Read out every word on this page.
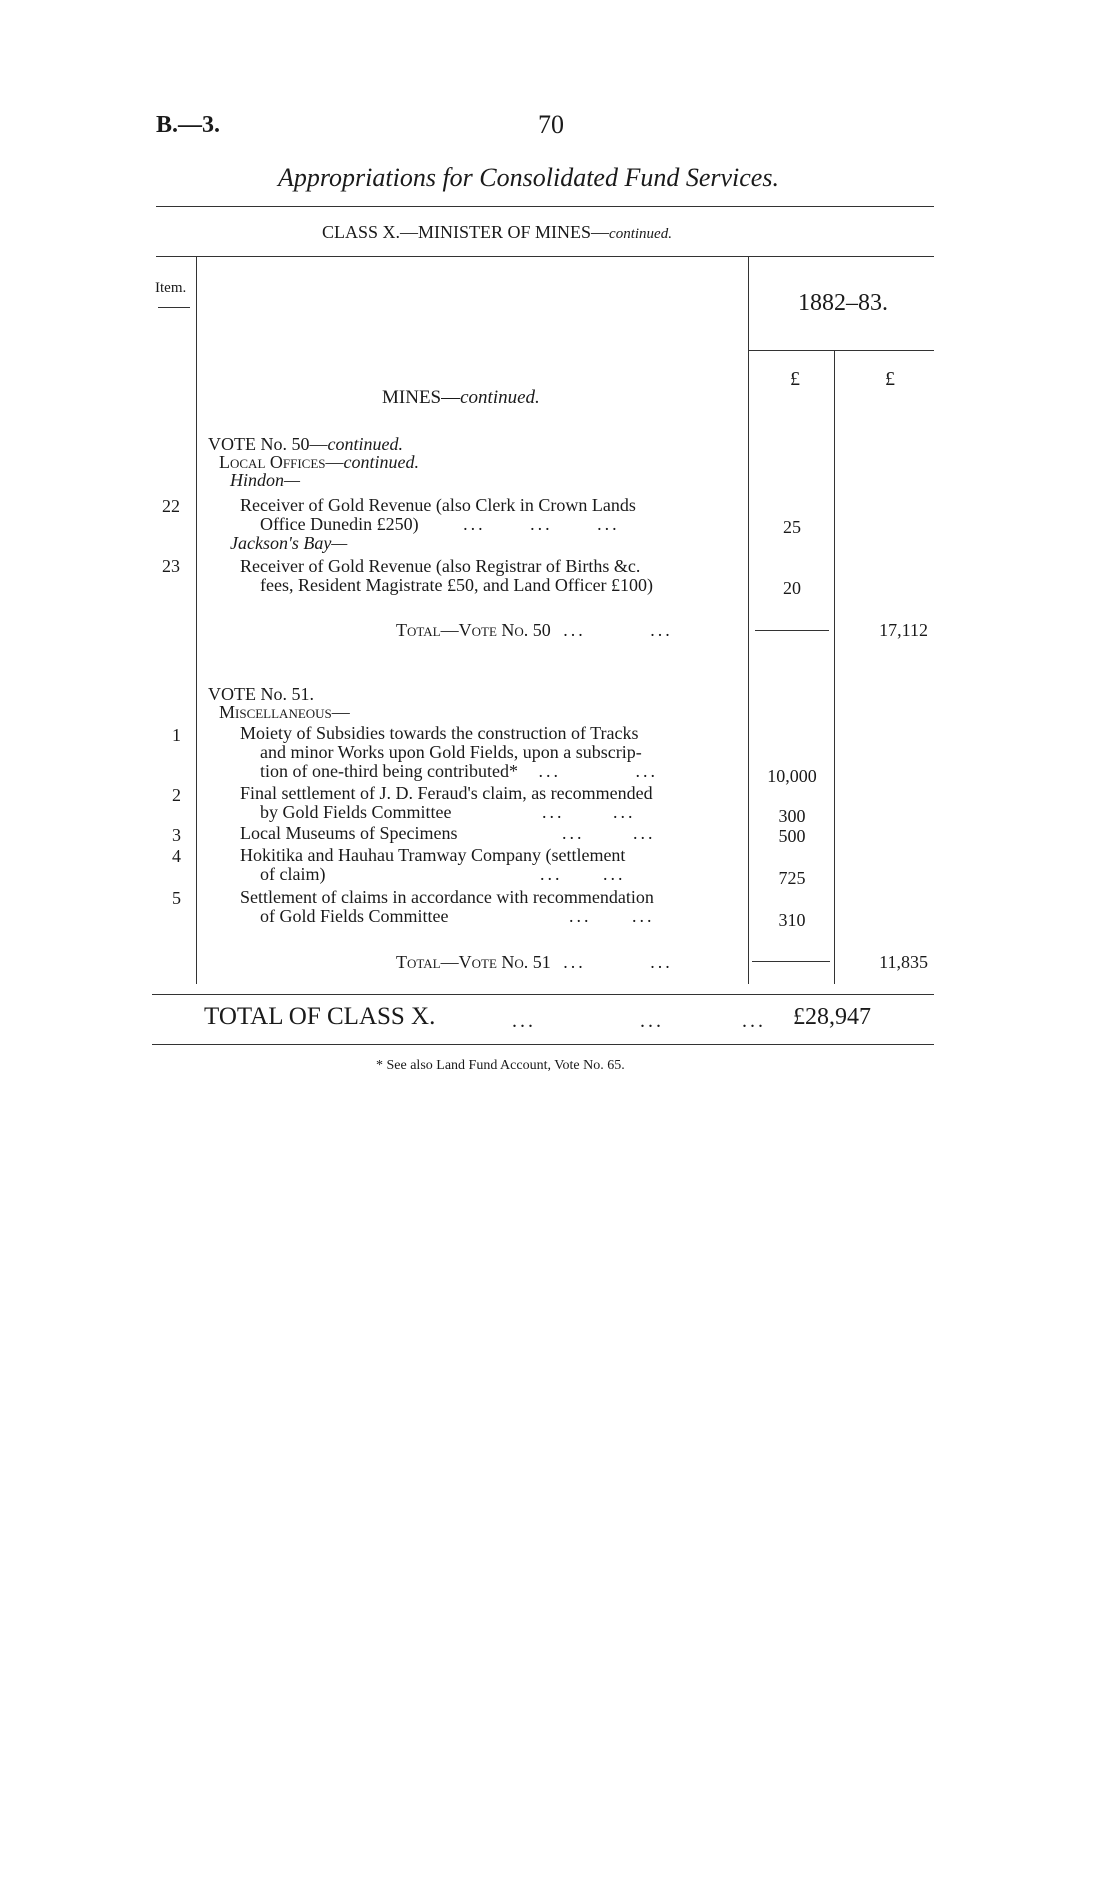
B.—3.	70
Appropriations for Consolidated Fund Services.
CLASS X.—MINISTER OF MINES—continued.
Item.
1882–83.
£	£
MINES—continued.
VOTE No. 50—continued.
Local Offices—continued.
Hindon—
22	Receiver of Gold Revenue (also Clerk in Crown Lands
Office Dunedin £250) ... ... ...	25
Jackson's Bay—
23	Receiver of Gold Revenue (also Registrar of Births &c.
fees, Resident Magistrate £50, and Land Officer £100)	20
Total—Vote No. 50 ...	...	17,112
VOTE No. 51.
Miscellaneous—
1	Moiety of Subsidies towards the construction of Tracks
and minor Works upon Gold Fields, upon a subscrip-
tion of one-third being contributed* ...	...	10,000
2	Final settlement of J. D. Feraud's claim, as recommended
by Gold Fields Committee	...	...	300
3	Local Museums of Specimens	...	...	500
4	Hokitika and Hauhau Tramway Company (settlement
of claim)	... ...	725
5	Settlement of claims in accordance with recommendation
of Gold Fields Committee	... ...	310
Total—Vote No. 51 ...	...	11,835
TOTAL OF CLASS X.	...	...	... £28,947
* See also Land Fund Account, Vote No. 65.
